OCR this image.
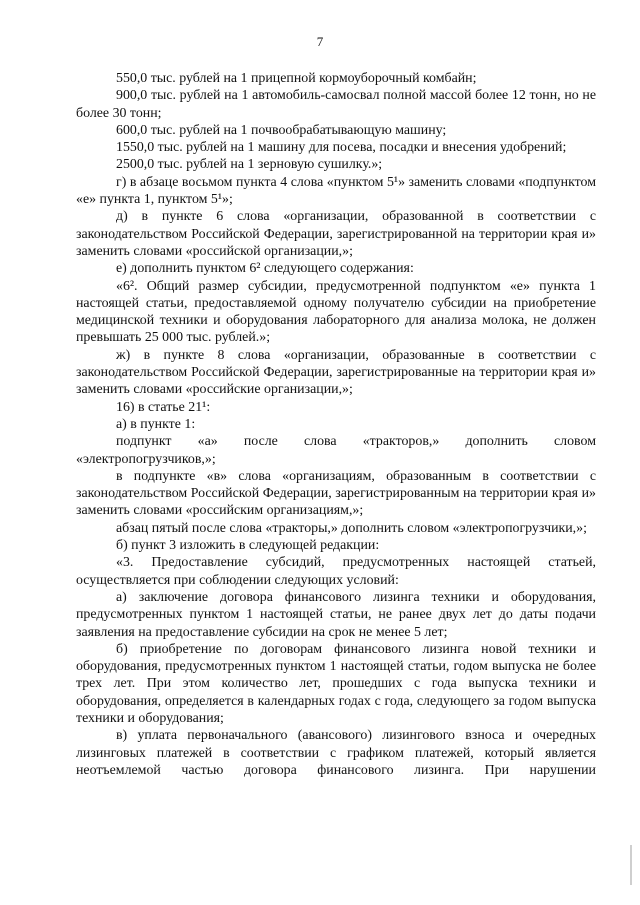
7

550,0 тыс. рублей на 1 прицепной кормоуборочный комбайн;

900,0 тыс. рублей на 1 автомобиль-самосвал полной массой более 12 тонн, но не более 30 тонн;

600,0 тыс. рублей на 1 почвообрабатывающую машину;

1550,0 тыс. рублей на 1 машину для посева, посадки и внесения удобрений;

2500,0 тыс. рублей на 1 зерновую сушилку.»;

г) в абзаце восьмом пункта 4 слова «пунктом 5¹» заменить словами «подпунктом «е» пункта 1, пунктом 5¹»;

д) в пункте 6 слова «организации, образованной в соответствии с законодательством Российской Федерации, зарегистрированной на территории края и» заменить словами «российской организации,»;

е) дополнить пунктом 6² следующего содержания:

«6². Общий размер субсидии, предусмотренной подпунктом «е» пункта 1 настоящей статьи, предоставляемой одному получателю субсидии на приобретение медицинской техники и оборудования лабораторного для анализа молока, не должен превышать 25 000 тыс. рублей.»;

ж) в пункте 8 слова «организации, образованные в соответствии с законодательством Российской Федерации, зарегистрированные на территории края и» заменить словами «российские организации,»;

16) в статье 21¹:

а) в пункте 1:

подпункт «а» после слова «тракторов,» дополнить словом «электропогрузчиков,»;

в подпункте «в» слова «организациям, образованным в соответствии с законодательством Российской Федерации, зарегистрированным на территории края и» заменить словами «российским организациям,»;

абзац пятый после слова «тракторы,» дополнить словом «электропогрузчики,»;

б) пункт 3 изложить в следующей редакции:

«3. Предоставление субсидий, предусмотренных настоящей статьей, осуществляется при соблюдении следующих условий:

а) заключение договора финансового лизинга техники и оборудования, предусмотренных пунктом 1 настоящей статьи, не ранее двух лет до даты подачи заявления на предоставление субсидии на срок не менее 5 лет;

б) приобретение по договорам финансового лизинга новой техники и оборудования, предусмотренных пунктом 1 настоящей статьи, годом выпуска не более трех лет. При этом количество лет, прошедших с года выпуска техники и оборудования, определяется в календарных годах с года, следующего за годом выпуска техники и оборудования;

в) уплата первоначального (авансового) лизингового взноса и очередных лизинговых платежей в соответствии с графиком платежей, который является неотъемлемой частью договора финансового лизинга. При нарушении
